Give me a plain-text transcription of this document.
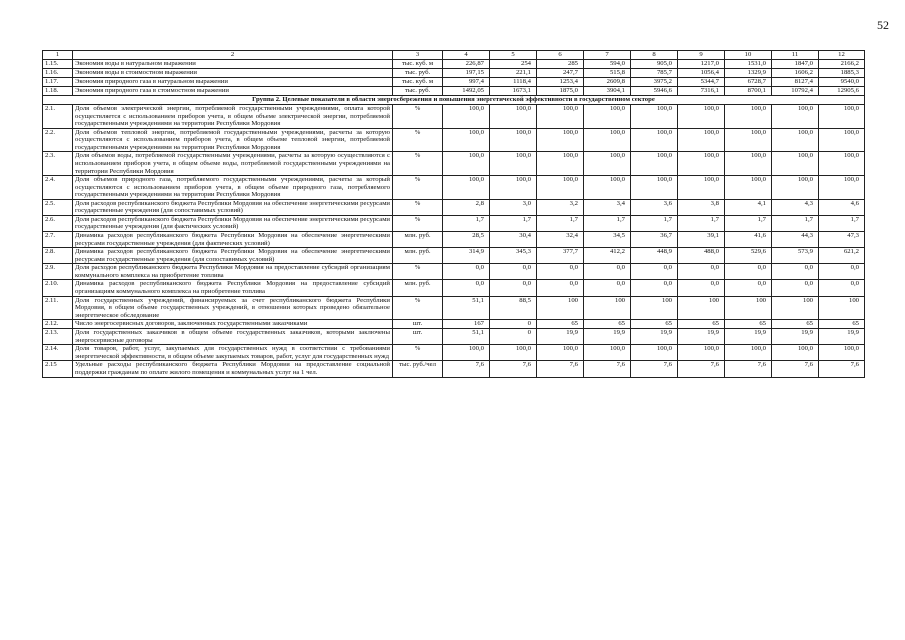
52
1	2	3	4	5	6	7	8	9	10	11	12
1.15.	Экономия воды в натуральном выражении	тыс. куб. м	226,87	254	285	594,0	905,0	1217,0	1531,0	1847,0	2166,2
1.16.	Экономия воды в стоимостном выражении	тыс. руб.	197,15	221,1	247,7	515,8	785,7	1056,4	1329,9	1606,2	1885,3
1.17.	Экономия природного газа в натуральном выражении	тыс. куб. м	997,4	1118,4	1253,4	2609,8	3975,2	5344,7	6728,7	8127,4	9540,0
1.18.	Экономия природного газа в стоимостном выражении	тыс. руб.	1492,05	1673,1	1875,0	3904,1	5946,6	7316,1	8700,1	10792,4	12905,6
Группа 2. Целевые показатели в области энергосбережения и повышения энергетической эффективности в государственном секторе											
2.1.	Доля объемов электрической энергии, потребляемой государственными учреждениями, оплата которой осуществляется с использованием приборов учета, в общем объеме электрической энергии, потребляемой государственными учреждениями на территории Республики Мордовия	%	100,0	100,0	100,0	100,0	100,0	100,0	100,0	100,0	100,0
2.2.	Доля объемов тепловой энергии, потребляемой государственными учреждениями, расчеты за которую осуществляются с использованием приборов учета, в общем объеме тепловой энергии, потребляемой государственными учреждениями на территории Республики Мордовия	%	100,0	100,0	100,0	100,0	100,0	100,0	100,0	100,0	100,0
2.3.	Доля объемов воды, потребляемой государственными учреждениями, расчеты за которую осуществляются с использованием приборов учета, в общем объеме воды, потребляемой государственными учреждениями на территории Республики Мордовия	%	100,0	100,0	100,0	100,0	100,0	100,0	100,0	100,0	100,0
2.4.	Доля объемов природного газа, потребляемого государственными учреждениями, расчеты за который осуществляются с использованием приборов учета, в общем объеме природного газа, потребляемого государственными учреждениями на территории Республики Мордовия	%	100,0	100,0	100,0	100,0	100,0	100,0	100,0	100,0	100,0
2.5.	Доля расходов республиканского бюджета Республики Мордовия на обеспечение энергетическими ресурсами государственные учреждения (для сопоставимых условий)	%	2,8	3,0	3,2	3,4	3,6	3,8	4,1	4,3	4,6
2.6.	Доля расходов республиканского бюджета Республики Мордовия на обеспечение энергетическими ресурсами государственные учреждения (для фактических условий)	%	1,7	1,7	1,7	1,7	1,7	1,7	1,7	1,7	1,7
2.7.	Динамика расходов республиканского бюджета Республики Мордовия на обеспечение энергетическими ресурсами государственные учреждения (для фактических условий)	млн. руб.	28,5	30,4	32,4	34,5	36,7	39,1	41,6	44,3	47,3
2.8.	Динамика расходов республиканского бюджета Республики Мордовия на обеспечение энергетическими ресурсами государственные учреждения (для сопоставимых условий)	млн. руб.	314,9	345,3	377,7	412,2	448,9	488,0	529,6	573,9	621,2
2.9.	Доля расходов республиканского бюджета Республики Мордовия на предоставление субсидий организациям коммунального комплекса на приобретение топлива	%	0,0	0,0	0,0	0,0	0,0	0,0	0,0	0,0	0,0
2.10.	Динамика расходов республиканского бюджета Республики Мордовия на предоставление субсидий организациям коммунального комплекса на приобретение топлива	млн. руб.	0,0	0,0	0,0	0,0	0,0	0,0	0,0	0,0	0,0
2.11.	Доля государственных учреждений, финансируемых за счет республиканского бюджета Республики Мордовия, в общем объеме государственных учреждений, в отношении которых проведено обязательное энергетическое обследование	%	51,1	88,5	100	100	100	100	100	100	100
2.12.	Число энергосервисных договоров, заключенных государственными заказчиками	шт.	167	0	65	65	65	65	65	65	65
2.13.	Доля государственных заказчиков в общем объеме государственных заказчиков, которыми заключены энергосервисные договоры	шт.	51,1	0	19,9	19,9	19,9	19,9	19,9	19,9	19,9
2.14.	Доля товаров, работ, услуг, закупаемых для государственных нужд в соответствии с требованиями энергетической эффективности, в общем объеме закупаемых товаров, работ, услуг для государственных нужд	%	100,0	100,0	100,0	100,0	100,0	100,0	100,0	100,0	100,0
2.15	Удельные расходы республиканского бюджета Республики Мордовия на предоставление социальной поддержки гражданам по оплате жилого помещения и коммунальных услуг на 1 чел.	тыс. руб./чел	7,6	7,6	7,6	7,6	7,6	7,6	7,6	7,6	7,6
